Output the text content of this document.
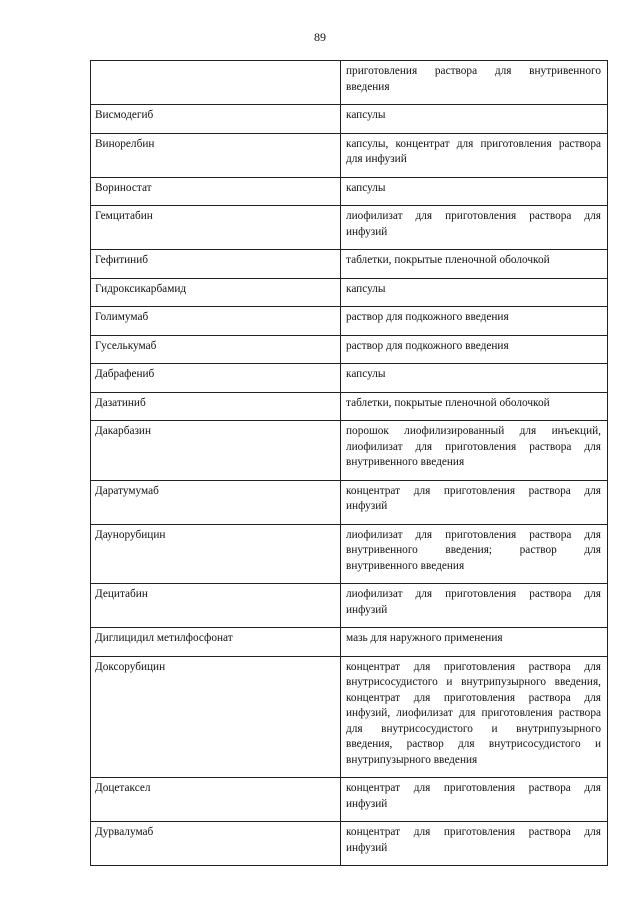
89
	приготовления раствора для внутривенного введения
Висмодегиб	капсулы
Винорелбин	капсулы, концентрат для приготовления раствора для инфузий
Вориностат	капсулы
Гемцитабин	лиофилизат для приготовления раствора для инфузий
Гефитиниб	таблетки, покрытые пленочной оболочкой
Гидроксикарбамид	капсулы
Голимумаб	раствор для подкожного введения
Гуселькумаб	раствор для подкожного введения
Дабрафениб	капсулы
Дазатиниб	таблетки, покрытые пленочной оболочкой
Дакарбазин	порошок лиофилизированный для инъекций, лиофилизат для приготовления раствора для внутривенного введения
Даратумумаб	концентрат для приготовления раствора для инфузий
Даунорубицин	лиофилизат для приготовления раствора для внутривенного введения; раствор для внутривенного введения
Децитабин	лиофилизат для приготовления раствора для инфузий
Диглицидил метилфосфонат	мазь для наружного применения
Доксорубицин	концентрат для приготовления раствора для внутрисосудистого и внутрипузырного введения, концентрат для приготовления раствора для инфузий, лиофилизат для приготовления раствора для внутрисосудистого и внутрипузырного введения, раствор для внутрисосудистого и внутрипузырного введения
Доцетаксел	концентрат для приготовления раствора для инфузий
Дурвалумаб	концентрат для приготовления раствора для инфузий
